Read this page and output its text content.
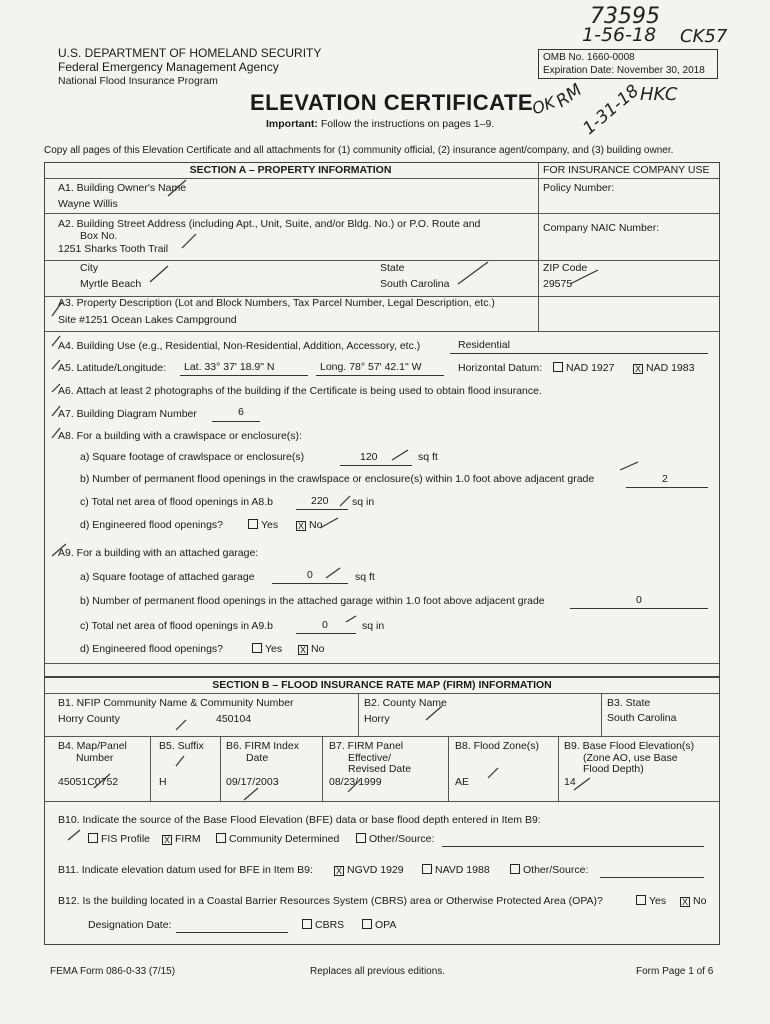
73595
1-56-18 CK57
OK
RM
1-31-18
HKC
U.S. DEPARTMENT OF HOMELAND SECURITY
Federal Emergency Management Agency
National Flood Insurance Program
OMB No. 1660-0008
Expiration Date: November 30, 2018
ELEVATION CERTIFICATE
Important: Follow the instructions on pages 1–9.
Copy all pages of this Elevation Certificate and all attachments for (1) community official, (2) insurance agent/company, and (3) building owner.
SECTION A – PROPERTY INFORMATION	FOR INSURANCE COMPANY USE
Policy Number:
Company NAIC Number:
A1. Building Owner's Name
Wayne Willis
A2. Building Street Address (including Apt., Unit, Suite, and/or Bldg. No.) or P.O. Route and
Box No.
1251 Sharks Tooth Trail
City
Myrtle Beach
State
South Carolina
ZIP Code
29575
A3. Property Description (Lot and Block Numbers, Tax Parcel Number, Legal Description, etc.)
Site #1251 Ocean Lakes Campground
A4. Building Use (e.g., Residential, Non-Residential, Addition, Accessory, etc.)	Residential
A5. Latitude/Longitude: Lat. 33° 37' 18.9" N	Long. 78° 57' 42.1" W	Horizontal Datum:	NAD 1927 X NAD 1983
A6. Attach at least 2 photographs of the building if the Certificate is being used to obtain flood insurance.
A7. Building Diagram Number	6
A8. For a building with a crawlspace or enclosure(s):
a) Square footage of crawlspace or enclosure(s)	120	sq ft
b) Number of permanent flood openings in the crawlspace or enclosure(s) within 1.0 foot above adjacent grade	2
c) Total net area of flood openings in A8.b	220 sq in
d) Engineered flood openings?	Yes X No
A9. For a building with an attached garage:
a) Square footage of attached garage	0	sq ft
b) Number of permanent flood openings in the attached garage within 1.0 foot above adjacent grade	0
c) Total net area of flood openings in A9.b	0	sq in
d) Engineered flood openings?	Yes X No
SECTION B – FLOOD INSURANCE RATE MAP (FIRM) INFORMATION
B1. NFIP Community Name & Community Number
Horry County	450104
B2. County Name
Horry
B3. State
South Carolina
B4. Map/Panel
Number
45051C0752
B5. Suffix
H
B6. FIRM Index
Date
09/17/2003
B7. FIRM Panel
Effective/
Revised Date
08/23/1999
B8. Flood Zone(s)
AE
B9. Base Flood Elevation(s)
(Zone AO, use Base
Flood Depth)
14
B10. Indicate the source of the Base Flood Elevation (BFE) data or base flood depth entered in Item B9:
FIS Profile X FIRM	Community Determined	Other/Source:
B11. Indicate elevation datum used for BFE in Item B9:	X NGVD 1929	NAVD 1988	Other/Source:
B12. Is the building located in a Coastal Barrier Resources System (CBRS) area or Otherwise Protected Area (OPA)?	Yes X No
Designation Date:	CBRS	OPA
FEMA Form 086-0-33 (7/15)	Replaces all previous editions.	Form Page 1 of 6
